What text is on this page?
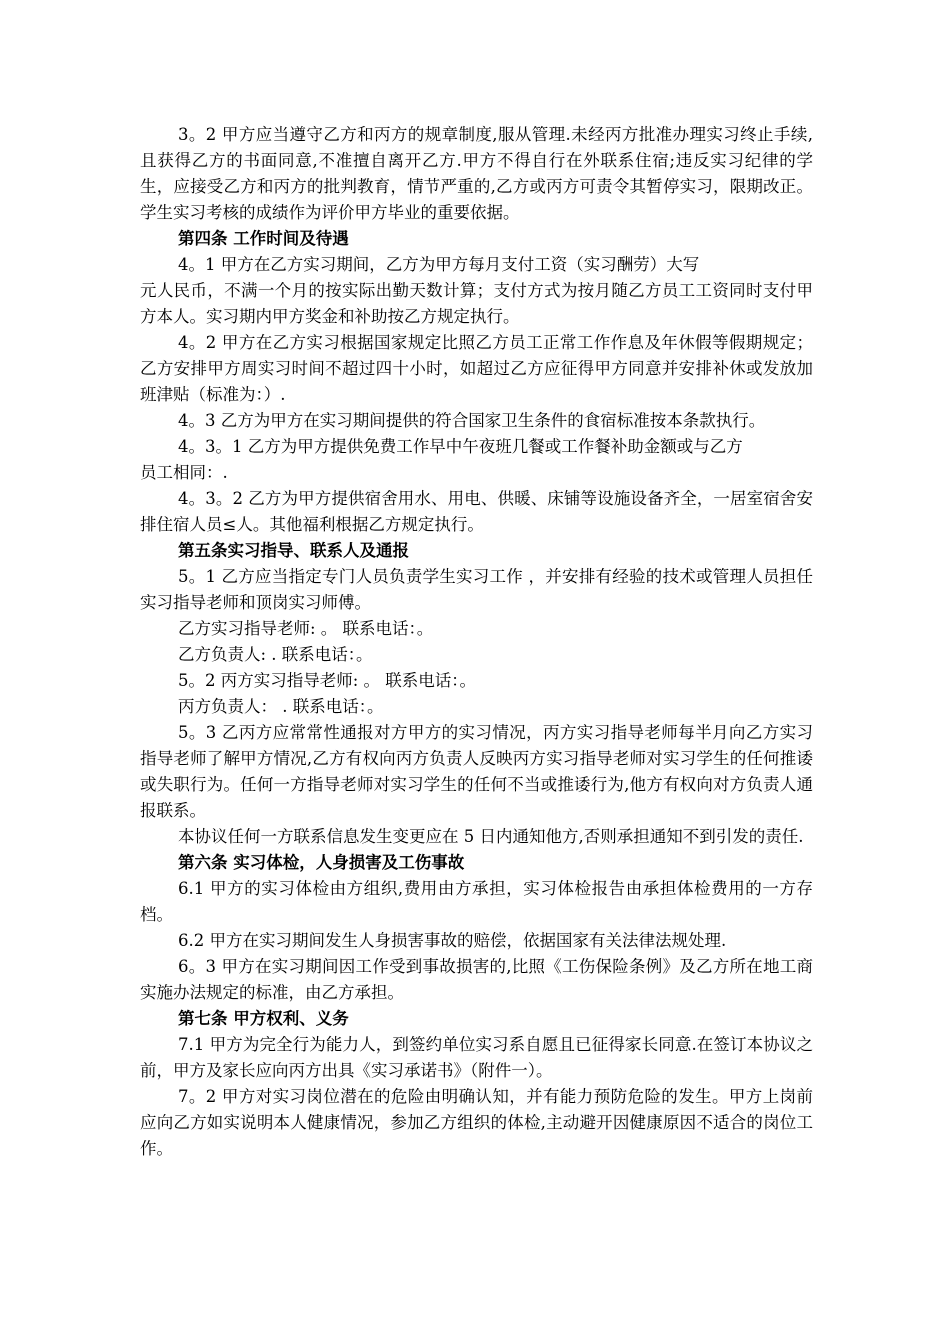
3。2 甲方应当遵守乙方和丙方的规章制度,服从管理.未经丙方批准办理实习终止手续,且获得乙方的书面同意,不准擅自离开乙方.甲方不得自行在外联系住宿;违反实习纪律的学生，应接受乙方和丙方的批判教育，情节严重的,乙方或丙方可责令其暂停实习，限期改正。学生实习考核的成绩作为评价甲方毕业的重要依据。

第四条 工作时间及待遇

4。1 甲方在乙方实习期间，乙方为甲方每月支付工资（实习酬劳）大写

元人民币，不满一个月的按实际出勤天数计算；支付方式为按月随乙方员工工资同时支付甲方本人。实习期内甲方奖金和补助按乙方规定执行。

4。2 甲方在乙方实习根据国家规定比照乙方员工正常工作作息及年休假等假期规定；乙方安排甲方周实习时间不超过四十小时，如超过乙方应征得甲方同意并安排补休或发放加班津贴（标准为：）.

4。3 乙方为甲方在实习期间提供的符合国家卫生条件的食宿标准按本条款执行。

4。3。1 乙方为甲方提供免费工作早中午夜班几餐或工作餐补助金额或与乙方

员工相同：.

4。3。2 乙方为甲方提供宿舍用水、用电、供暖、床铺等设施设备齐全，一居室宿舍安排住宿人员≤人。其他福利根据乙方规定执行。

第五条实习指导、联系人及通报

5。1 乙方应当指定专门人员负责学生实习工作 ，并安排有经验的技术或管理人员担任实习指导老师和顶岗实习师傅。

乙方实习指导老师: 。 联系电话：。

乙方负责人: . 联系电话：。

5。2 丙方实习指导老师: 。 联系电话：。

丙方负责人： . 联系电话：。

5。3 乙丙方应常常性通报对方甲方的实习情况，丙方实习指导老师每半月向乙方实习指导老师了解甲方情况,乙方有权向丙方负责人反映丙方实习指导老师对实习学生的任何推诿或失职行为。任何一方指导老师对实习学生的任何不当或推诿行为,他方有权向对方负责人通报联系。

本协议任何一方联系信息发生变更应在 5 日内通知他方,否则承担通知不到引发的责任.

第六条 实习体检，人身损害及工伤事故

6.1 甲方的实习体检由方组织,费用由方承担，实习体检报告由承担体检费用的一方存档。

6.2 甲方在实习期间发生人身损害事故的赔偿，依据国家有关法律法规处理.

6。3 甲方在实习期间因工作受到事故损害的,比照《工伤保险条例》及乙方所在地工商实施办法规定的标准，由乙方承担。

第七条 甲方权利、义务

7.1 甲方为完全行为能力人，到签约单位实习系自愿且已征得家长同意.在签订本协议之前，甲方及家长应向丙方出具《实习承诺书》（附件一）。

7。2 甲方对实习岗位潜在的危险由明确认知，并有能力预防危险的发生。甲方上岗前应向乙方如实说明本人健康情况，参加乙方组织的体检,主动避开因健康原因不适合的岗位工作。
